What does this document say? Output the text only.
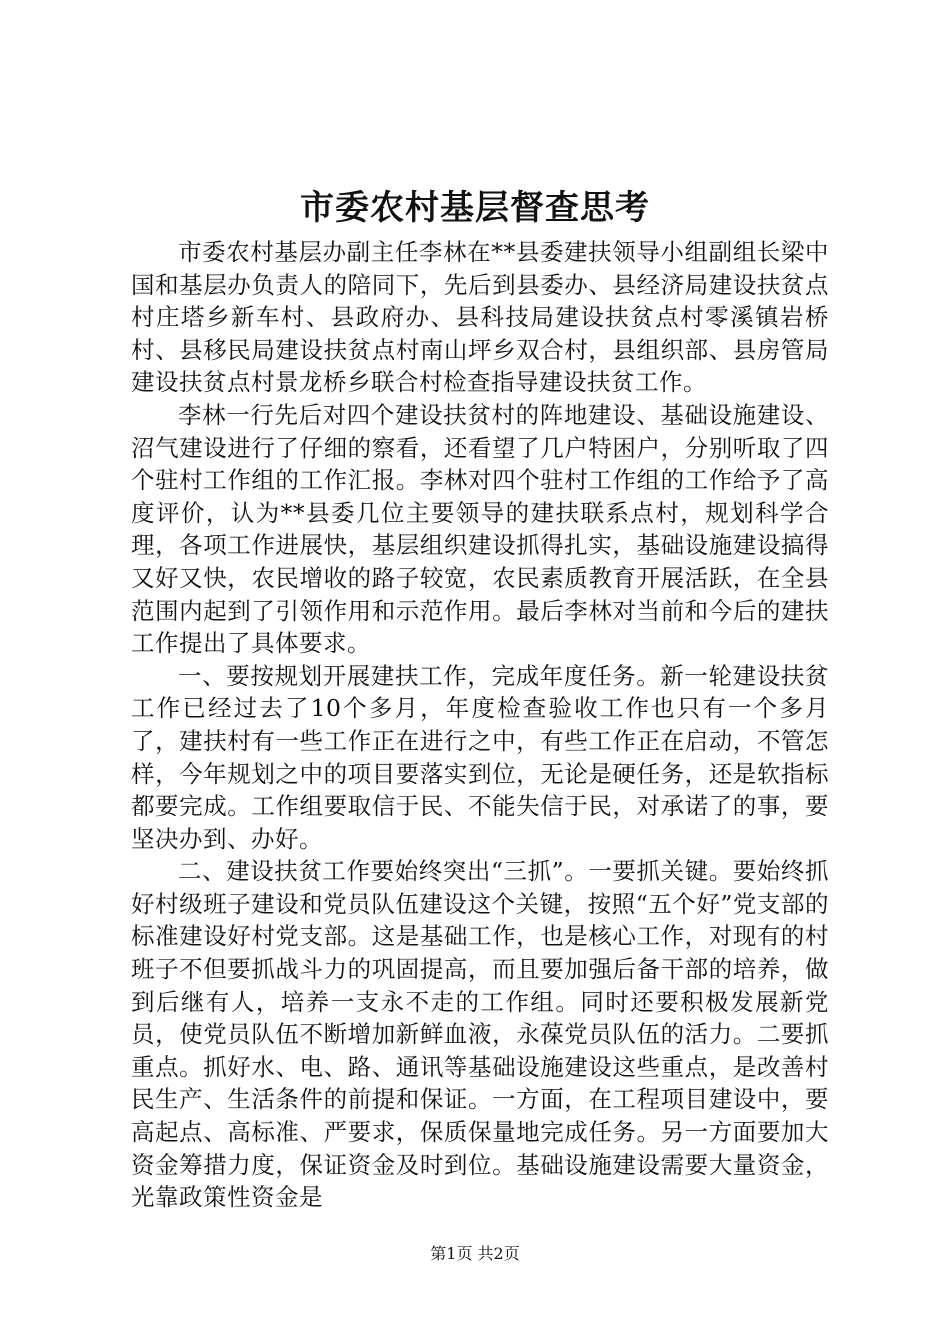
市委农村基层督查思考

市委农村基层办副主任李林在**县委建扶领导小组副组长梁中国和基层办负责人的陪同下，先后到县委办、县经济局建设扶贫点村庄塔乡新车村、县政府办、县科技局建设扶贫点村零溪镇岩桥村、县移民局建设扶贫点村南山坪乡双合村，县组织部、县房管局建设扶贫点村景龙桥乡联合村检查指导建设扶贫工作。

李林一行先后对四个建设扶贫村的阵地建设、基础设施建设、沼气建设进行了仔细的察看，还看望了几户特困户，分别听取了四个驻村工作组的工作汇报。李林对四个驻村工作组的工作给予了高度评价，认为**县委几位主要领导的建扶联系点村，规划科学合理，各项工作进展快，基层组织建设抓得扎实，基础设施建设搞得又好又快，农民增收的路子较宽，农民素质教育开展活跃，在全县范围内起到了引领作用和示范作用。最后李林对当前和今后的建扶工作提出了具体要求。

一、要按规划开展建扶工作，完成年度任务。新一轮建设扶贫工作已经过去了10个多月，年度检查验收工作也只有一个多月了，建扶村有一些工作正在进行之中，有些工作正在启动，不管怎样，今年规划之中的项目要落实到位，无论是硬任务，还是软指标都要完成。工作组要取信于民、不能失信于民，对承诺了的事，要坚决办到、办好。

二、建设扶贫工作要始终突出“三抓”。一要抓关键。要始终抓好村级班子建设和党员队伍建设这个关键，按照“五个好”党支部的标准建设好村党支部。这是基础工作，也是核心工作，对现有的村班子不但要抓战斗力的巩固提高，而且要加强后备干部的培养，做到后继有人，培养一支永不走的工作组。同时还要积极发展新党员，使党员队伍不断增加新鲜血液，永葆党员队伍的活力。二要抓重点。抓好水、电、路、通讯等基础设施建设这些重点，是改善村民生产、生活条件的前提和保证。一方面，在工程项目建设中，要高起点、高标准、严要求，保质保量地完成任务。另一方面要加大资金筹措力度，保证资金及时到位。基础设施建设需要大量资金，光靠政策性资金是

第1页 共2页
